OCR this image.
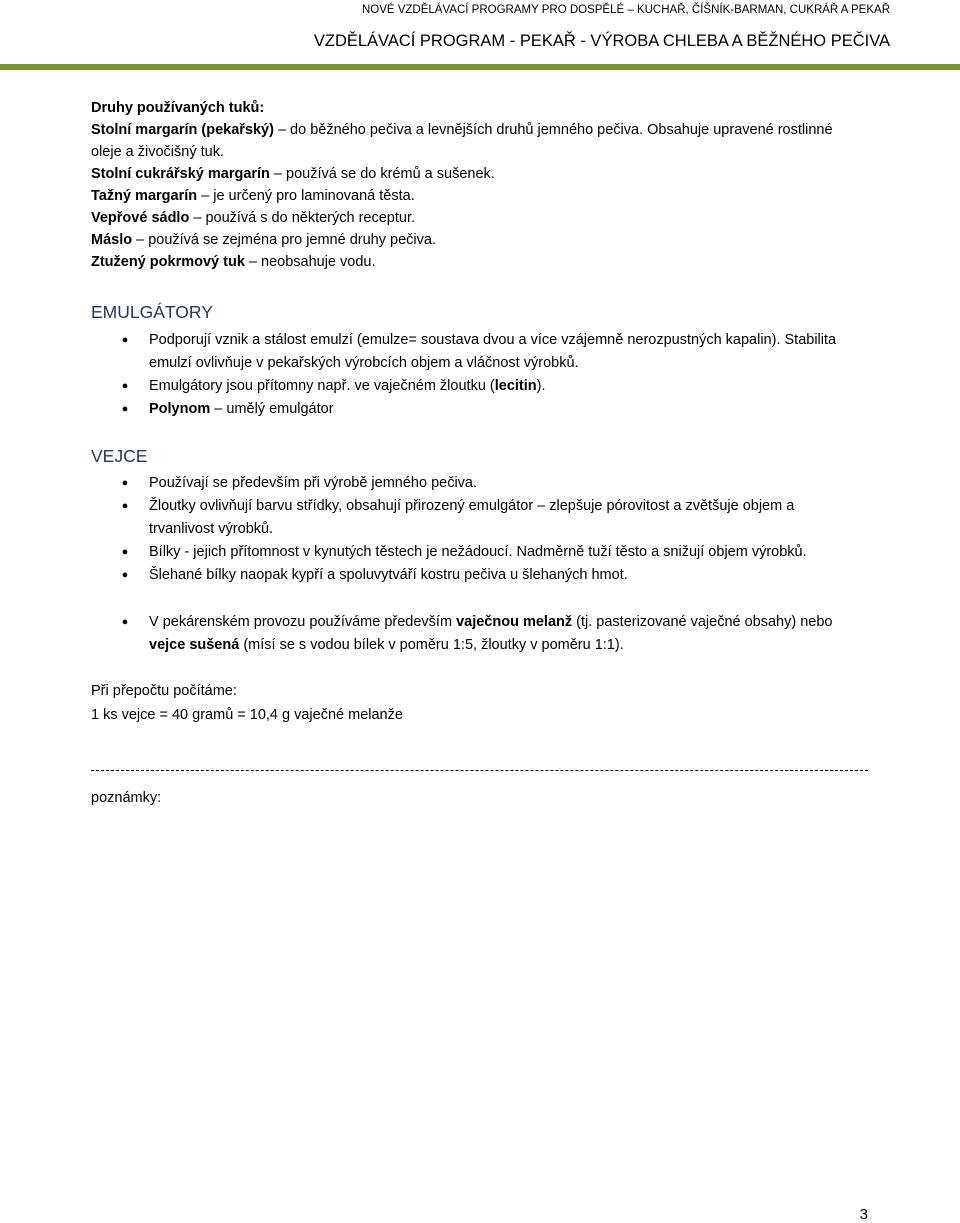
NOVÉ VZDĚLÁVACÍ PROGRAMY PRO DOSPĚLÉ – KUCHAŘ, ČÍŠNÍK-BARMAN, CUKRÁŘ A PEKAŘ
VZDĚLÁVACÍ PROGRAM - PEKAŘ - VÝROBA CHLEBA A BĚŽNÉHO PEČIVA
Druhy používaných tuků:
Stolní margarín (pekařský) – do běžného pečiva a levnějších druhů jemného pečiva. Obsahuje upravené rostlinné
oleje a živočišný tuk.
Stolní cukrářský margarín – používá se do krémů a sušenek.
Tažný margarín – je určený pro laminovaná těsta.
Vepřové sádlo – používá s do některých receptur.
Máslo – používá se zejména pro jemné druhy pečiva.
Ztužený pokrmový tuk – neobsahuje vodu.
EMULGÁTORY
● Podporují vznik a stálost emulzí (emulze= soustava dvou a více vzájemně nerozpustných kapalin). Stabilita
emulzí ovlivňuje v pekařských výrobcích objem a vláčnost výrobků.
● Emulgátory jsou přítomny např. ve vaječném žloutku (lecitin).
● Polynom – umělý emulgátor
VEJCE
● Používají se především při výrobě jemného pečiva.
● Žloutky ovlivňují barvu střídky, obsahují přirozený emulgátor – zlepšuje pórovitost a zvětšuje objem a
trvanlivost výrobků.
● Bílky - jejich přítomnost v kynutých těstech je nežádoucí. Nadměrně tuží těsto a snižují objem výrobků.
● Šlehané bílky naopak kypří a spoluvytváří kostru pečiva u šlehaných hmot.
● V pekárenském provozu používáme především vaječnou melanž (tj. pasterizované vaječné obsahy) nebo
vejce sušená (mísí se s vodou bílek v poměru 1:5, žloutky v poměru 1:1).
Při přepočtu počítáme:
1 ks vejce = 40 gramů = 10,4 g vaječné melanže
poznámky:
3
